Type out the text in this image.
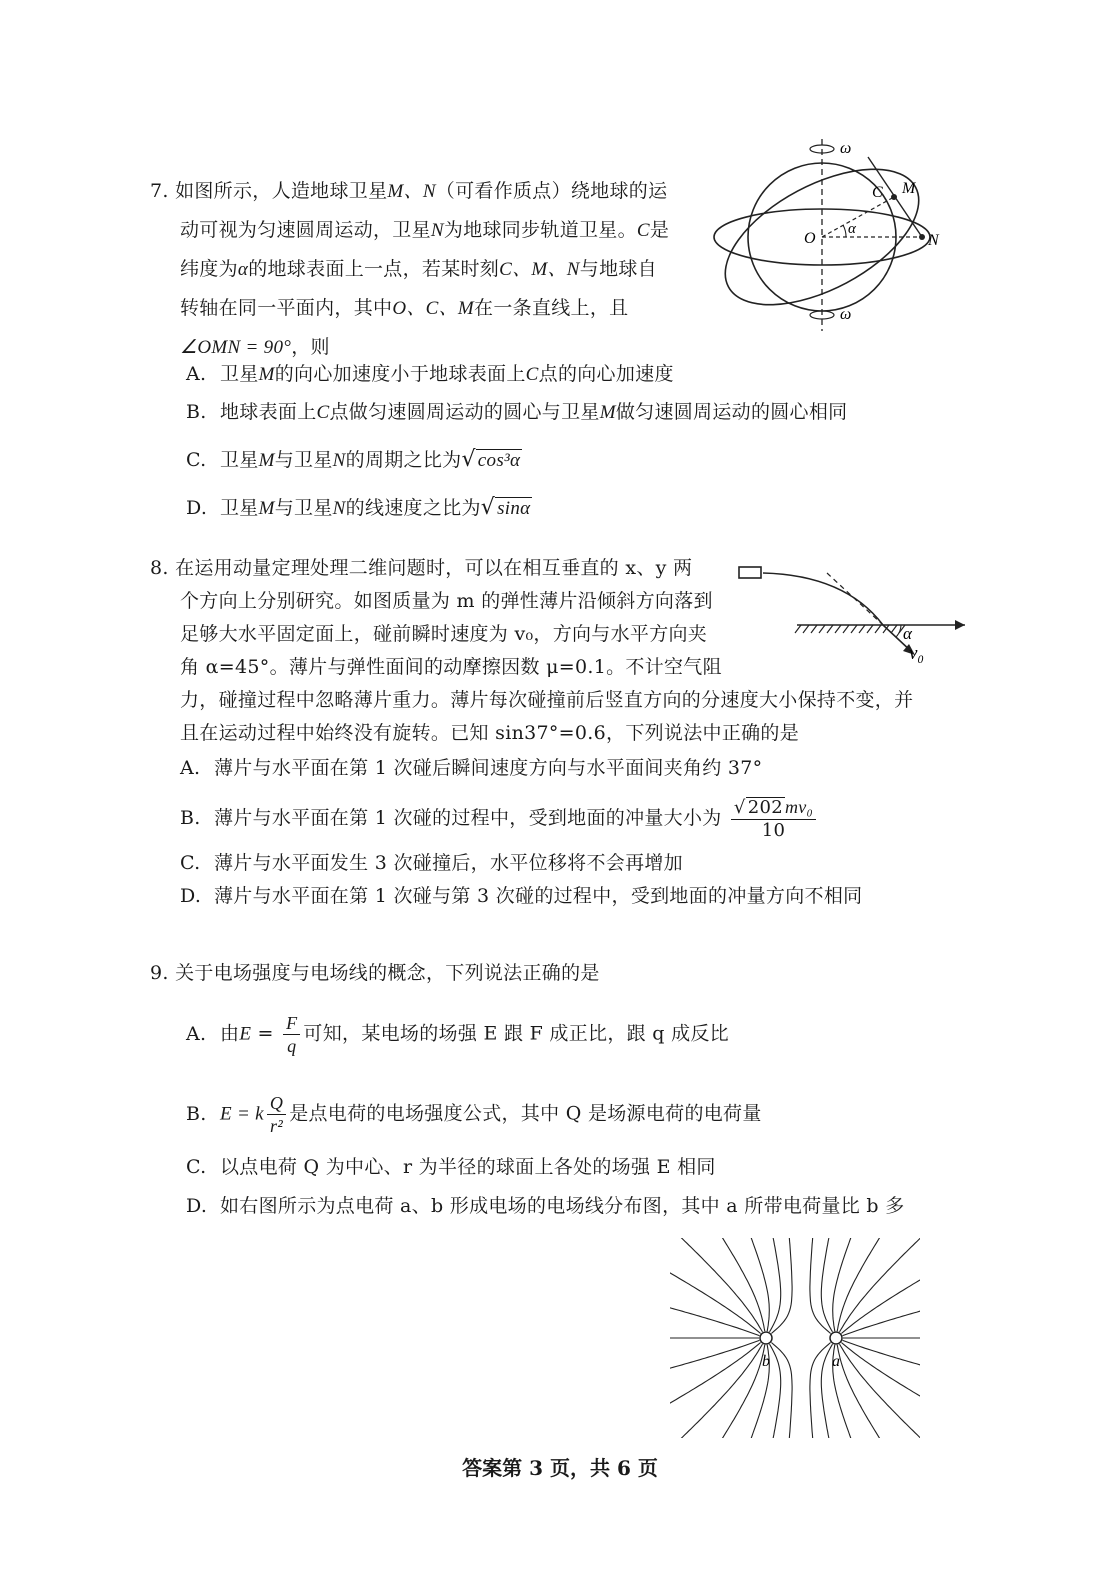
7. 如图所示，人造地球卫星M、N（可看作质点）绕地球的运

动可视为匀速圆周运动，卫星N为地球同步轨道卫星。C是

纬度为α的地球表面上一点，若某时刻C、M、N与地球自

转轴在同一平面内，其中O、C、M在一条直线上，且

∠OMN = 90°，则

ω
ω
C M
O
α
N
A. 卫星M的向心加速度小于地球表面上C点的向心加速度
B. 地球表面上C点做匀速圆周运动的圆心与卫星M做匀速圆周运动的圆心相同
C. 卫星M与卫星N的周期之比为√ cos³α
D. 卫星M与卫星N的线速度之比为√ sinα

8. 在运用动量定理处理二维问题时，可以在相互垂直的 x、y 两

个方向上分别研究。如图质量为 m 的弹性薄片沿倾斜方向落到

足够大水平固定面上，碰前瞬时速度为 v₀，方向与水平方向夹

角 α=45°。薄片与弹性面间的动摩擦因数 μ=0.1。不计空气阻

力，碰撞过程中忽略薄片重力。薄片每次碰撞前后竖直方向的分速度大小保持不变，并

且在运动过程中始终没有旋转。已知 sin37°=0.6，下列说法中正确的是

α
v₀
A. 薄片与水平面在第 1 次碰后瞬间速度方向与水平面间夹角约 37°
B. 薄片与水平面在第 1 次碰的过程中，受到地面的冲量大小为 $\frac{\text{√ 202 mv₀}}{10}$
C. 薄片与水平面发生 3 次碰撞后，水平位移将不会再增加
D. 薄片与水平面在第 1 次碰与第 3 次碰的过程中，受到地面的冲量方向不相同
9. 关于电场强度与电场线的概念，下列说法正确的是
A. 由$E = \frac{F}{q}$ 可知，某电场的场强 E 跟 F 成正比，跟 q 成反比
B. E = k $\frac{Q}{\text{r²}}$ 是点电荷的电场强度公式，其中 Q 是场源电荷的电荷量
C. 以点电荷 Q 为中心、r 为半径的球面上各处的场强 E 相同
D. 如右图所示为点电荷 a、b 形成电场的电场线分布图，其中 a 所带电荷量比 b 多
b	a
答案第 3 页，共 6 页
